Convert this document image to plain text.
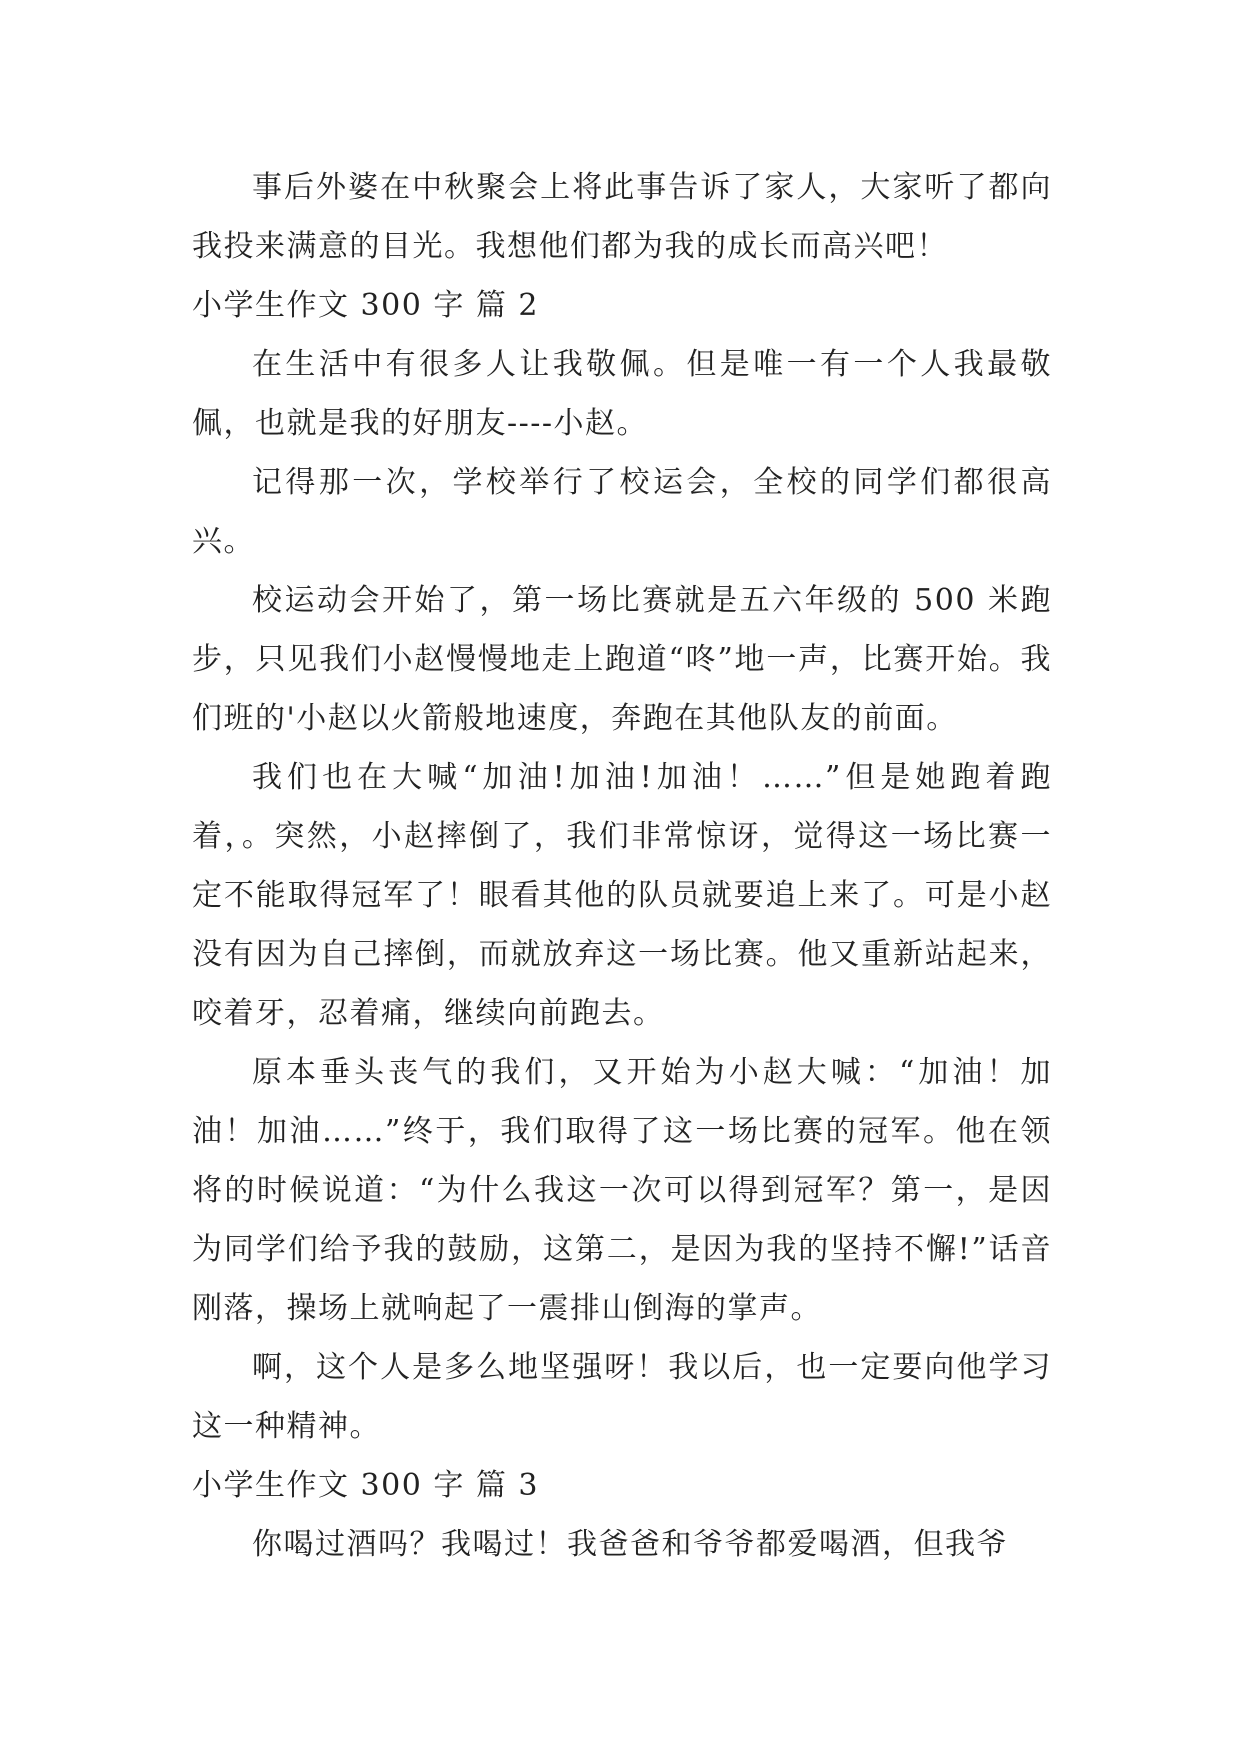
事后外婆在中秋聚会上将此事告诉了家人，大家听了都向我投来满意的目光。我想他们都为我的成长而高兴吧！

小学生作文 300 字 篇 2

在生活中有很多人让我敬佩。但是唯一有一个人我最敬佩，也就是我的好朋友----小赵。

记得那一次，学校举行了校运会，全校的同学们都很高兴。

校运动会开始了，第一场比赛就是五六年级的 500 米跑步，只见我们小赵慢慢地走上跑道“咚”地一声，比赛开始。我们班的'小赵以火箭般地速度，奔跑在其他队友的前面。

我们也在大喊“加油!加油!加油！……”但是她跑着跑着，。突然，小赵摔倒了，我们非常惊讶，觉得这一场比赛一定不能取得冠军了！眼看其他的队员就要追上来了。可是小赵没有因为自己摔倒，而就放弃这一场比赛。他又重新站起来，咬着牙，忍着痛，继续向前跑去。

原本垂头丧气的我们，又开始为小赵大喊：“加油！加油！加油……”终于，我们取得了这一场比赛的冠军。他在领将的时候说道：“为什么我这一次可以得到冠军？第一，是因为同学们给予我的鼓励，这第二，是因为我的坚持不懈!”话音刚落，操场上就响起了一震排山倒海的掌声。

啊，这个人是多么地坚强呀！我以后，也一定要向他学习这一种精神。

小学生作文 300 字 篇 3

你喝过酒吗？我喝过！我爸爸和爷爷都爱喝酒，但我爷
